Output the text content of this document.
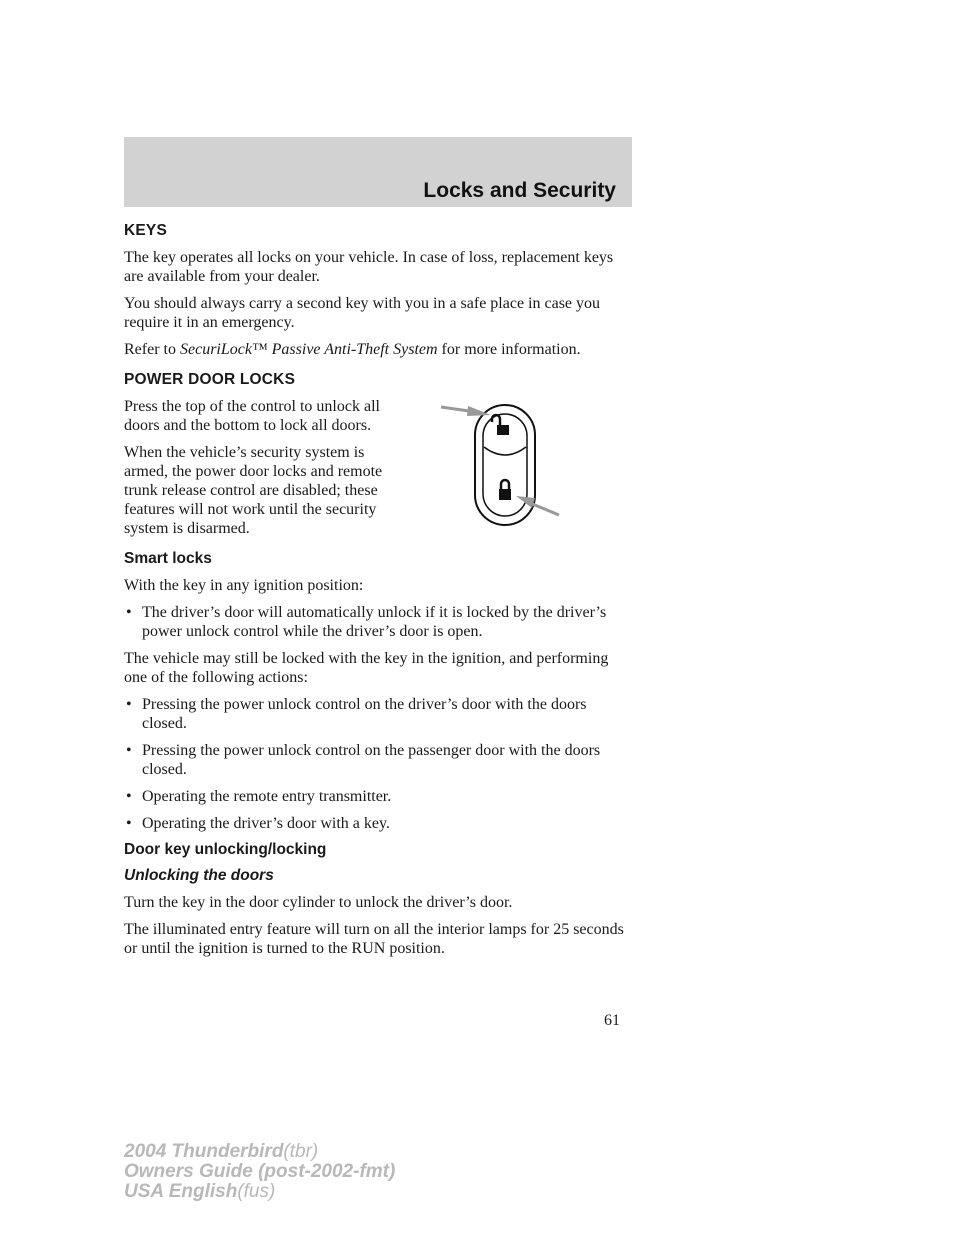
Locks and Security
KEYS

The key operates all locks on your vehicle. In case of loss, replacement keys are available from your dealer.

You should always carry a second key with you in a safe place in case you require it in an emergency.

Refer to SecuriLock™ Passive Anti-Theft System for more information.

POWER DOOR LOCKS

Press the top of the control to unlock all doors and the bottom to lock all doors.

When the vehicle’s security system is armed, the power door locks and remote trunk release control are disabled; these features will not work until the security system is disarmed.

Smart locks

With the key in any ignition position:

• The driver’s door will automatically unlock if it is locked by the driver’s power unlock control while the driver’s door is open.

The vehicle may still be locked with the key in the ignition, and performing one of the following actions:

• Pressing the power unlock control on the driver’s door with the doors closed.
• Pressing the power unlock control on the passenger door with the doors closed.
• Operating the remote entry transmitter.
• Operating the driver’s door with a key.
Door key unlocking/locking
Unlocking the doors

Turn the key in the door cylinder to unlock the driver’s door.

The illuminated entry feature will turn on all the interior lamps for 25 seconds or until the ignition is turned to the RUN position.

61
2004 Thunderbird(tbr)
Owners Guide (post-2002-fmt)
USA English(fus)
